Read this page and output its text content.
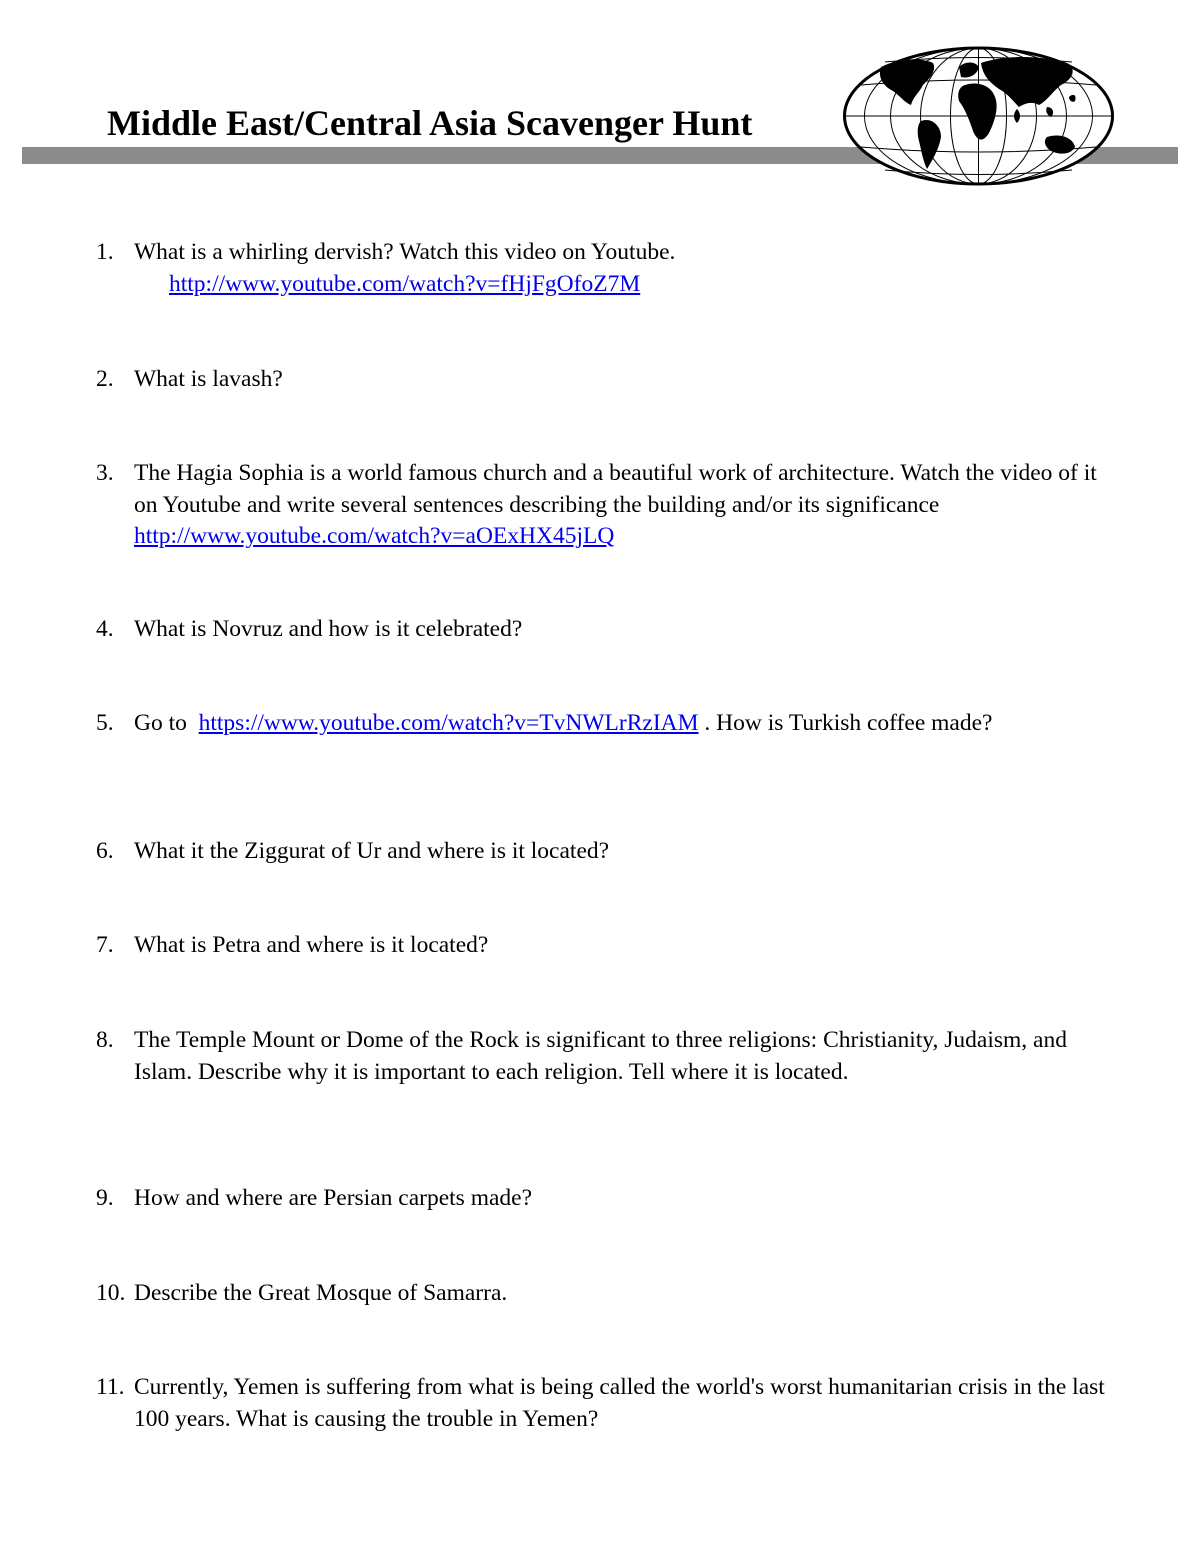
Middle East/Central Asia Scavenger Hunt
1. What is a whirling dervish? Watch this video on Youtube.
http://www.youtube.com/watch?v=fHjFgOfoZ7M
2. What is lavash?
3. The Hagia Sophia is a world famous church and a beautiful work of architecture. Watch the video of it on Youtube and write several sentences describing the building and/or its significance   http://www.youtube.com/watch?v=aOExHX45jLQ
4. What is Novruz and how is it celebrated?
5. Go to https://www.youtube.com/watch?v=TvNWLrRzIAM . How is Turkish coffee made?
6. What it the Ziggurat of Ur and where is it located?
7. What is Petra and where is it located?
8. The Temple Mount or Dome of the Rock is significant to three religions: Christianity, Judaism, and Islam. Describe why it is important to each religion. Tell where it is located.
9. How and where are Persian carpets made?
10. Describe the Great Mosque of Samarra.
11. Currently, Yemen is suffering from what is being called the world's worst humanitarian crisis in the last 100 years. What is causing the trouble in Yemen?
